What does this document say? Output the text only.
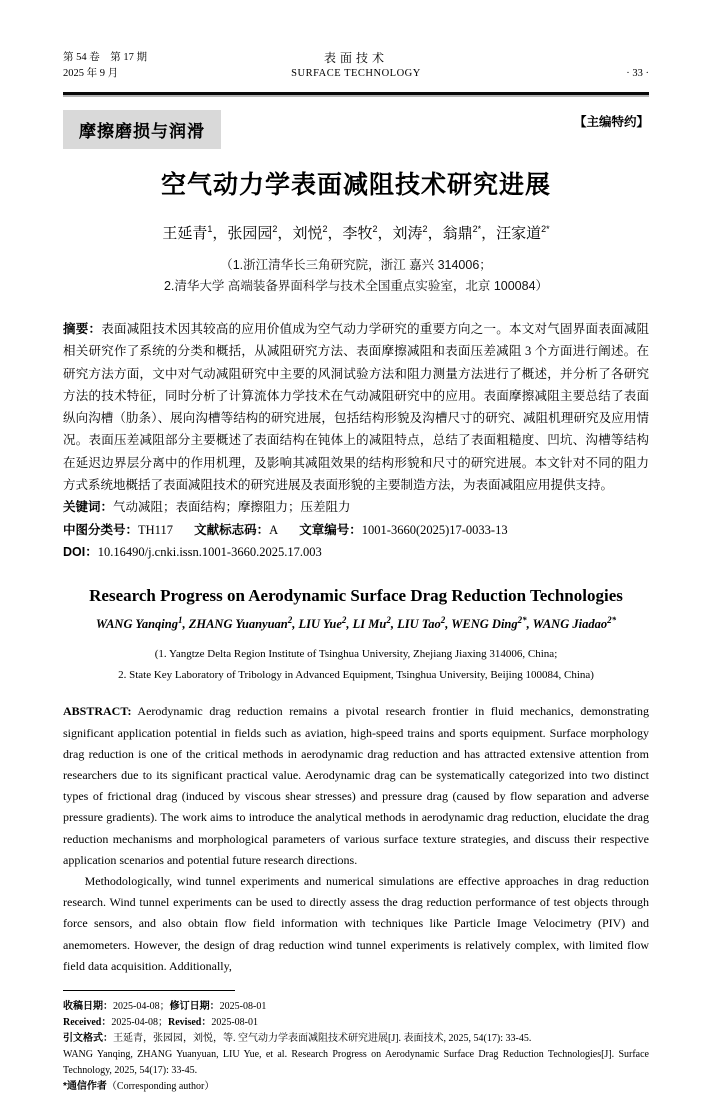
第 54 卷　第 17 期
2025 年 9 月
表面技术
SURFACE TECHNOLOGY	· 33 ·
摩擦磨损与润滑	【主编特约】
空气动力学表面减阻技术研究进展
王延青$^1$，张园园$^2$，刘悦$^2$，李牧$^2$，刘涛$^2$，翁鼎$^{2*}$，汪家道$^{2*}$
（1.浙江清华长三角研究院，浙江 嘉兴 314006；
2.清华大学 高端装备界面科学与技术全国重点实验室，北京 100084）
摘要：表面减阻技术因其较高的应用价值成为空气动力学研究的重要方向之一。本文对气固界面表面减阻相关研究作了系统的分类和概括，从减阻研究方法、表面摩擦减阻和表面压差减阻 3 个方面进行阐述。在研究方法方面，文中对气动减阻研究中主要的风洞试验方法和阻力测量方法进行了概述，并分析了各研究方法的技术特征，同时分析了计算流体力学技术在气动减阻研究中的应用。表面摩擦减阻主要总结了表面纵向沟槽（肋条）、展向沟槽等结构的研究进展，包括结构形貌及沟槽尺寸的研究、减阻机理研究及应用情况。表面压差减阻部分主要概述了表面结构在钝体上的减阻特点，总结了表面粗糙度、凹坑、沟槽等结构在延迟边界层分离中的作用机理，及影响其减阻效果的结构形貌和尺寸的研究进展。本文针对不同的阻力方式系统地概括了表面减阻技术的研究进展及表面形貌的主要制造方法，为表面减阻应用提供支持。
关键词：气动减阻；表面结构；摩擦阻力；压差阻力
中图分类号：TH117 文献标志码：A 文章编号：1001-3660(2025)17-0033-13
DOI：10.16490/j.cnki.issn.1001-3660.2025.17.003
Research Progress on Aerodynamic Surface Drag Reduction Technologies
WANG Yanqing$^1$, ZHANG Yuanyuan$^2$, LIU Yue$^2$, LI Mu$^2$, LIU Tao$^2$, WENG Ding$^{2*}$, WANG Jiadao$^{2*}$
(1. Yangtze Delta Region Institute of Tsinghua University, Zhejiang Jiaxing 314006, China;
2. State Key Laboratory of Tribology in Advanced Equipment, Tsinghua University, Beijing 100084, China)

ABSTRACT: Aerodynamic drag reduction remains a pivotal research frontier in fluid mechanics, demonstrating significant application potential in fields such as aviation, high-speed trains and sports equipment. Surface morphology drag reduction is one of the critical methods in aerodynamic drag reduction and has attracted extensive attention from researchers due to its significant practical value. Aerodynamic drag can be systematically categorized into two distinct types of frictional drag (induced by viscous shear stresses) and pressure drag (caused by flow separation and adverse pressure gradients). The work aims to introduce the analytical methods in aerodynamic drag reduction, elucidate the drag reduction mechanisms and morphological parameters of various surface texture strategies, and discuss their respective application scenarios and potential future research directions.

Methodologically, wind tunnel experiments and numerical simulations are effective approaches in drag reduction research. Wind tunnel experiments can be used to directly assess the drag reduction performance of test objects through force sensors, and also obtain flow field information with techniques like Particle Image Velocimetry (PIV) and anemometers. However, the design of drag reduction wind tunnel experiments is relatively complex, with limited flow field data acquisition. Additionally,

收稿日期：2025-04-08；修订日期：2025-08-01
Received：2025-04-08；Revised：2025-08-01
引文格式：王延青，张园园，刘悦，等. 空气动力学表面减阻技术研究进展[J]. 表面技术, 2025, 54(17): 33-45.
WANG Yanqing, ZHANG Yuanyuan, LIU Yue, et al. Research Progress on Aerodynamic Surface Drag Reduction Technologies[J]. Surface Technology, 2025, 54(17): 33-45.
*通信作者（Corresponding author）
